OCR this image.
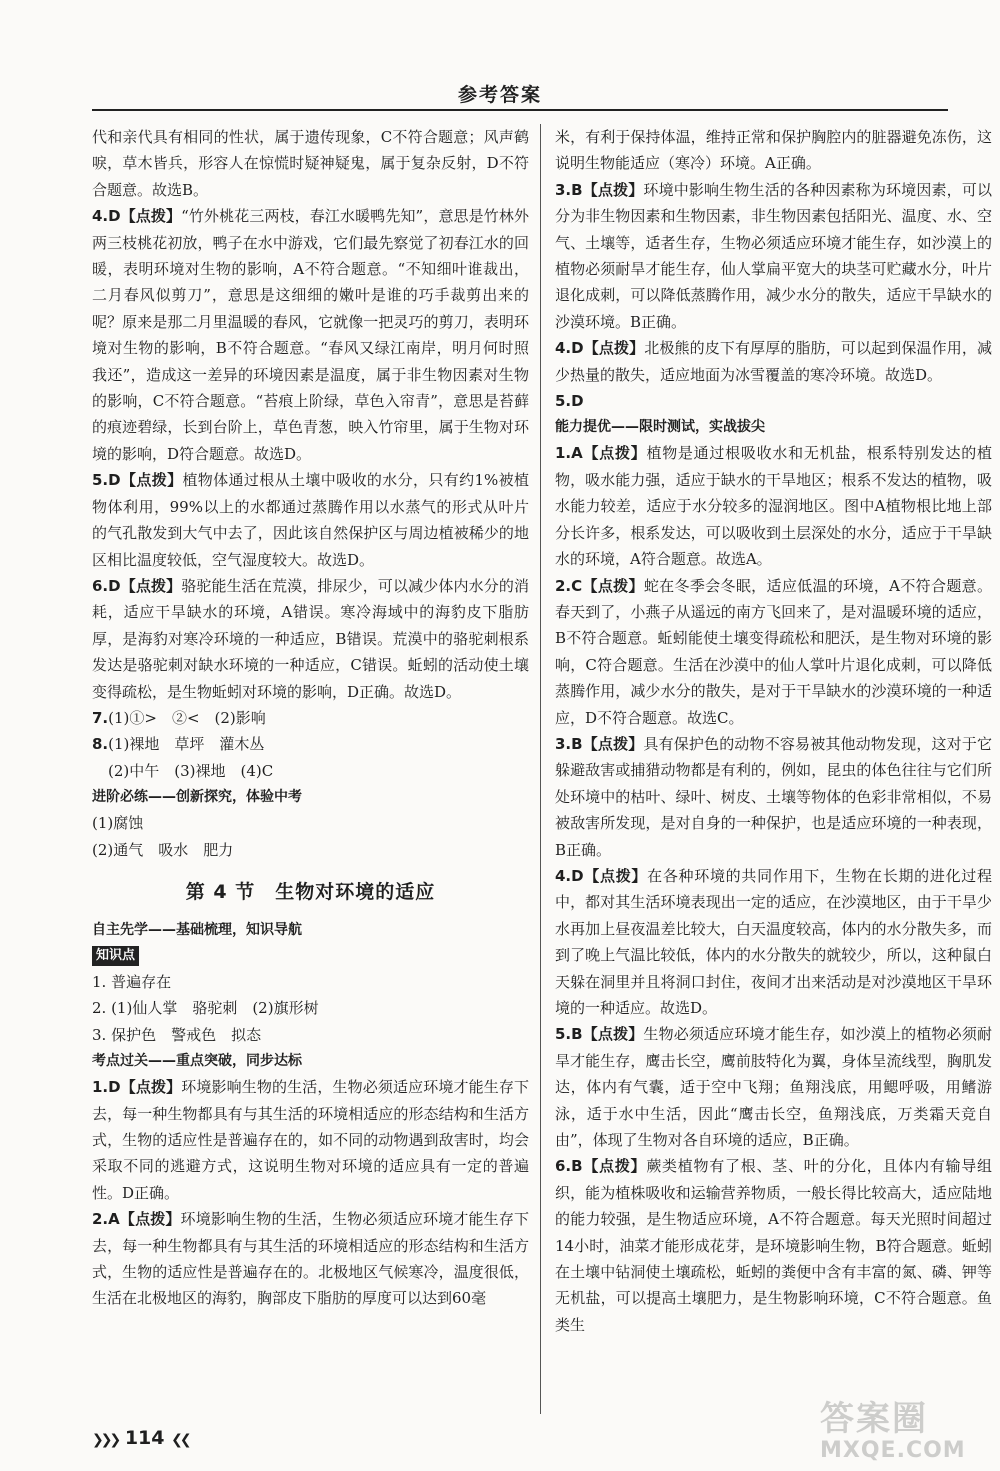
参考答案

代和亲代具有相同的性状，属于遗传现象，C不符合题意；风声鹤唳，草木皆兵，形容人在惊慌时疑神疑鬼，属于复杂反射，D不符合题意。故选B。

4.D【点拨】“竹外桃花三两枝，春江水暖鸭先知”，意思是竹林外两三枝桃花初放，鸭子在水中游戏，它们最先察觉了初春江水的回暖，表明环境对生物的影响，A不符合题意。“不知细叶谁裁出，二月春风似剪刀”，意思是这细细的嫩叶是谁的巧手裁剪出来的呢？原来是那二月里温暖的春风，它就像一把灵巧的剪刀，表明环境对生物的影响，B不符合题意。“春风又绿江南岸，明月何时照我还”，造成这一差异的环境因素是温度，属于非生物因素对生物的影响，C不符合题意。“苔痕上阶绿，草色入帘青”，意思是苔藓的痕迹碧绿，长到台阶上，草色青葱，映入竹帘里，属于生物对环境的影响，D符合题意。故选D。

5.D【点拨】植物体通过根从土壤中吸收的水分，只有约1%被植物体利用，99%以上的水都通过蒸腾作用以水蒸气的形式从叶片的气孔散发到大气中去了，因此该自然保护区与周边植被稀少的地区相比温度较低，空气湿度较大。故选D。

6.D【点拨】骆驼能生活在荒漠，排尿少，可以减少体内水分的消耗，适应干旱缺水的环境，A错误。寒冷海域中的海豹皮下脂肪厚，是海豹对寒冷环境的一种适应，B错误。荒漠中的骆驼刺根系发达是骆驼刺对缺水环境的一种适应，C错误。蚯蚓的活动使土壤变得疏松，是生物蚯蚓对环境的影响，D正确。故选D。

7.(1)①>　②<　(2)影响

8.(1)裸地　草坪　灌木丛

(2)中午　(3)裸地　(4)C

进阶必练——创新探究，体验中考

(1)腐蚀

(2)通气　吸水　肥力

第 4 节　生物对环境的适应

自主先学——基础梳理，知识导航

知识点

1. 普遍存在

2. (1)仙人掌　骆驼刺　(2)旗形树

3. 保护色　警戒色　拟态

考点过关——重点突破，同步达标

1.D【点拨】环境影响生物的生活，生物必须适应环境才能生存下去，每一种生物都具有与其生活的环境相适应的形态结构和生活方式，生物的适应性是普遍存在的，如不同的动物遇到敌害时，均会采取不同的逃避方式，这说明生物对环境的适应具有一定的普遍性。D正确。

2.A【点拨】环境影响生物的生活，生物必须适应环境才能生存下去，每一种生物都具有与其生活的环境相适应的形态结构和生活方式，生物的适应性是普遍存在的。北极地区气候寒冷，温度很低，生活在北极地区的海豹，胸部皮下脂肪的厚度可以达到60毫

米，有利于保持体温，维持正常和保护胸腔内的脏器避免冻伤，这说明生物能适应（寒冷）环境。A正确。

3.B【点拨】环境中影响生物生活的各种因素称为环境因素，可以分为非生物因素和生物因素，非生物因素包括阳光、温度、水、空气、土壤等，适者生存，生物必须适应环境才能生存，如沙漠上的植物必须耐旱才能生存，仙人掌扁平宽大的块茎可贮藏水分，叶片退化成刺，可以降低蒸腾作用，减少水分的散失，适应干旱缺水的沙漠环境。B正确。

4.D【点拨】北极熊的皮下有厚厚的脂肪，可以起到保温作用，减少热量的散失，适应地面为冰雪覆盖的寒冷环境。故选D。

5.D

能力提优——限时测试，实战拔尖

1.A【点拨】植物是通过根吸收水和无机盐，根系特别发达的植物，吸水能力强，适应于缺水的干旱地区；根系不发达的植物，吸水能力较差，适应于水分较多的湿润地区。图中A植物根比地上部分长许多，根系发达，可以吸收到土层深处的水分，适应于干旱缺水的环境，A符合题意。故选A。

2.C【点拨】蛇在冬季会冬眠，适应低温的环境，A不符合题意。春天到了，小燕子从遥远的南方飞回来了，是对温暖环境的适应，B不符合题意。蚯蚓能使土壤变得疏松和肥沃，是生物对环境的影响，C符合题意。生活在沙漠中的仙人掌叶片退化成刺，可以降低蒸腾作用，减少水分的散失，是对于干旱缺水的沙漠环境的一种适应，D不符合题意。故选C。

3.B【点拨】具有保护色的动物不容易被其他动物发现，这对于它躲避敌害或捕猎动物都是有利的，例如，昆虫的体色往往与它们所处环境中的枯叶、绿叶、树皮、土壤等物体的色彩非常相似，不易被敌害所发现，是对自身的一种保护，也是适应环境的一种表现，B正确。

4.D【点拨】在各种环境的共同作用下，生物在长期的进化过程中，都对其生活环境表现出一定的适应，在沙漠地区，由于干旱少水再加上昼夜温差比较大，白天温度较高，体内的水分散失多，而到了晚上气温比较低，体内的水分散失的就较少，所以，这种鼠白天躲在洞里并且将洞口封住，夜间才出来活动是对沙漠地区干旱环境的一种适应。故选D。

5.B【点拨】生物必须适应环境才能生存，如沙漠上的植物必须耐旱才能生存，鹰击长空，鹰前肢特化为翼，身体呈流线型，胸肌发达，体内有气囊，适于空中飞翔；鱼翔浅底，用鳃呼吸，用鳍游泳，适于水中生活，因此“鹰击长空，鱼翔浅底，万类霜天竞自由”，体现了生物对各自环境的适应，B正确。

6.B【点拨】蕨类植物有了根、茎、叶的分化，且体内有输导组织，能为植株吸收和运输营养物质，一般长得比较高大，适应陆地的能力较强，是生物适应环境，A不符合题意。每天光照时间超过14小时，油菜才能形成花芽，是环境影响生物，B符合题意。蚯蚓在土壤中钻洞使土壤疏松，蚯蚓的粪便中含有丰富的氮、磷、钾等无机盐，可以提高土壤肥力，是生物影响环境，C不符合题意。鱼类生

❯❯❯ 114 ❮❮
答案圈
MXQE.COM
